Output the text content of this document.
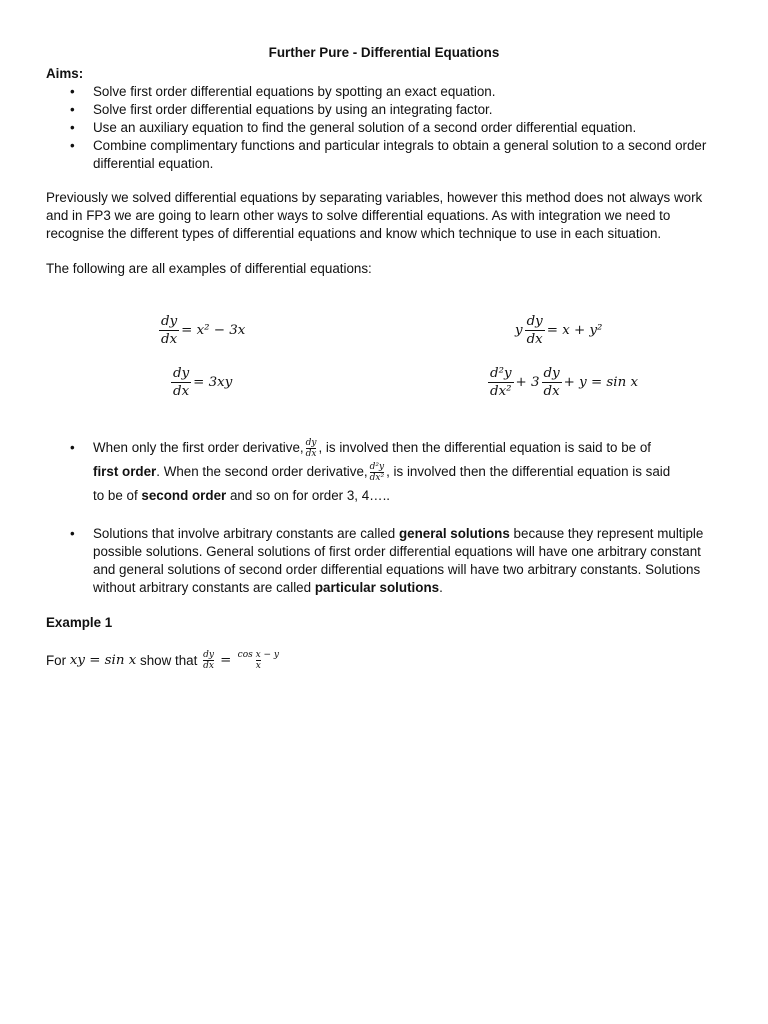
Further Pure - Differential Equations

Aims:

• Solve first order differential equations by spotting an exact equation.
• Solve first order differential equations by using an integrating factor.
• Use an auxiliary equation to find the general solution of a second order differential equation.
• Combine complimentary functions and particular integrals to obtain a general solution to a second order differential equation.

Previously we solved differential equations by separating variables, however this method does not always work and in FP3 we are going to learn other ways to solve differential equations. As with integration we need to recognise the different types of differential equations and know which technique to use in each situation.

The following are all examples of differential equations:

$\frac{dy}{dx} = x^2 - 3x$	y $\frac{dy}{dx} = x + y^2$
$\frac{dy}{dx} = 3xy$	$\frac{\text{d²y}}{\text{dx²}} + 3 \frac{dy}{dx} + y = \sin x$
•	When only the first order derivative, $\frac{dy}{dx}$ , is involved then the differential equation is said to be of
first order. When the second order derivative, $\frac{\text{d²y}}{\text{dx²}}$ , is involved then the differential equation is said
to be of second order and so on for order 3, 4…..
•	Solutions that involve arbitrary constants are called general solutions because they represent multiple possible solutions. General solutions of first order differential equations will have one arbitrary constant and general solutions of second order differential equations will have two arbitrary constants. Solutions without arbitrary constants are called particular solutions.
Example 1
For
xy = sin x
show that
$\frac{dy}{dx} = \frac{\text{cos x − y}}{x}$
